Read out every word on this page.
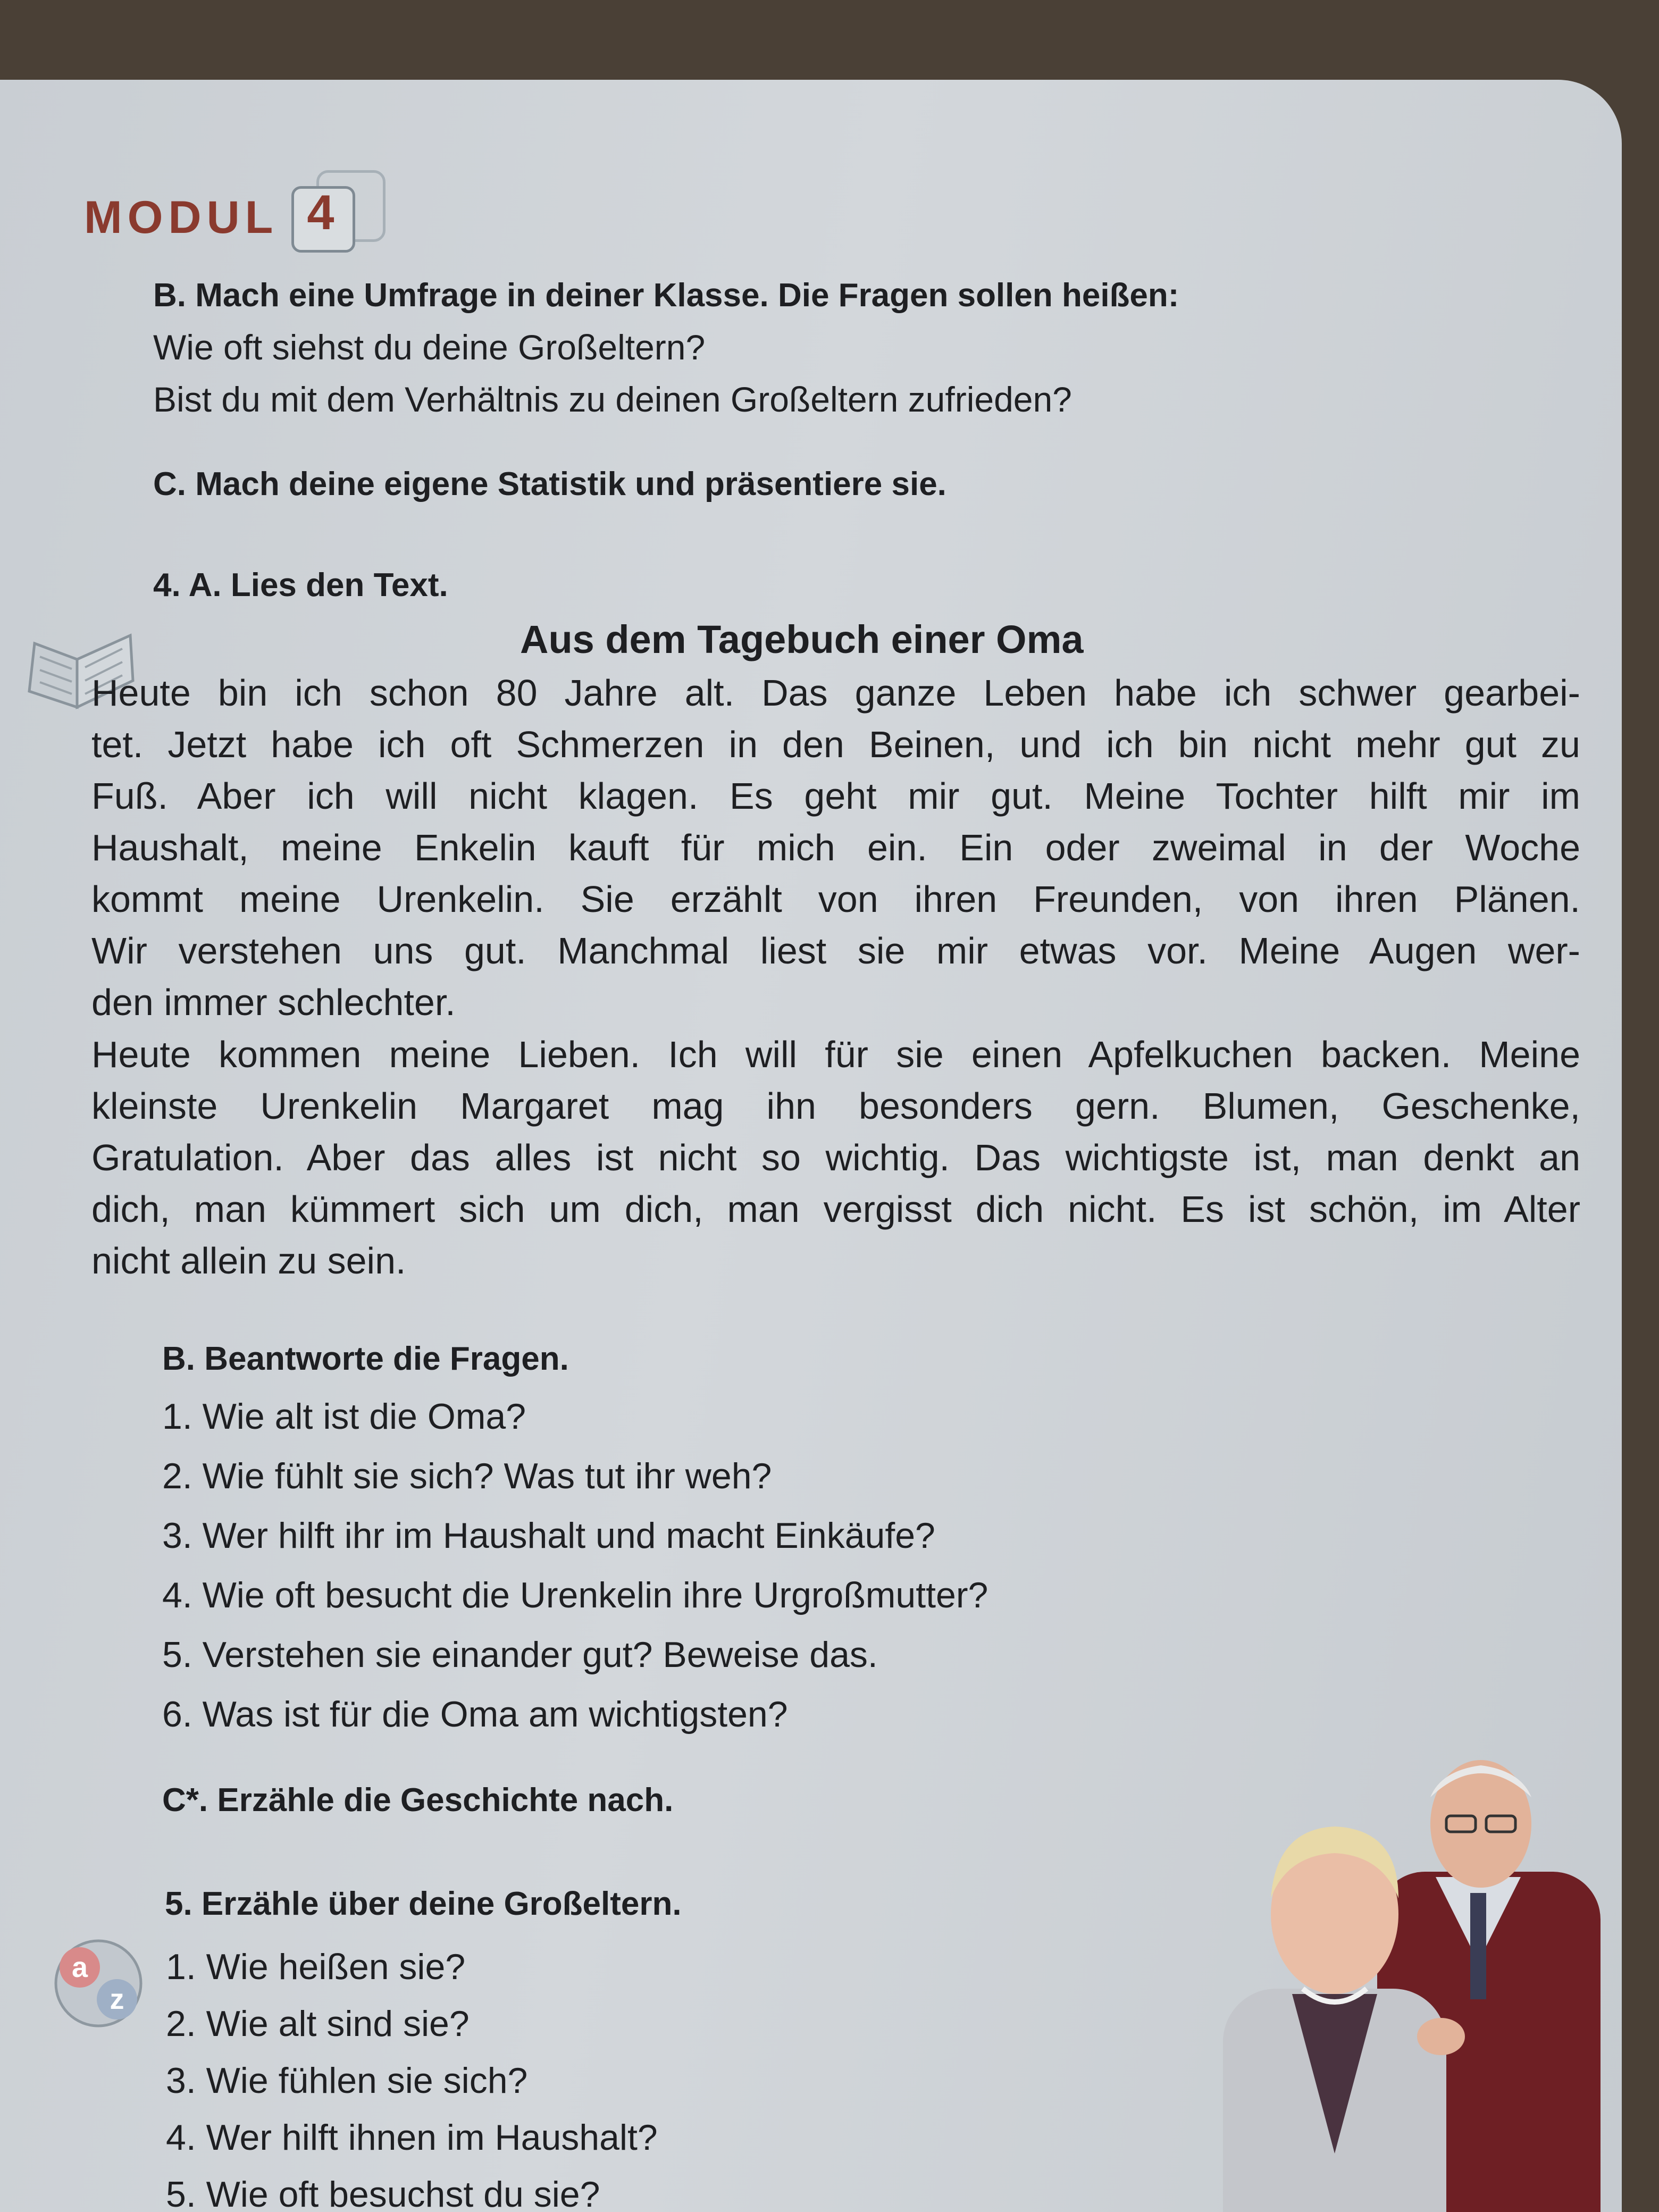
4
MODUL
B. Mach eine Umfrage in deiner Klasse. Die Fragen sollen heißen:
Wie oft siehst du deine Großeltern?
Bist du mit dem Verhältnis zu deinen Großeltern zufrieden?
C. Mach deine eigene Statistik und präsentiere sie.
4. A. Lies den Text.
Aus dem Tagebuch einer Oma
Heute bin ich schon 80 Jahre alt. Das ganze Leben habe ich schwer gearbei-
tet. Jetzt habe ich oft Schmerzen in den Beinen, und ich bin nicht mehr gut zu
Fuß. Aber ich will nicht klagen. Es geht mir gut. Meine Tochter hilft mir im
Haushalt, meine Enkelin kauft für mich ein. Ein oder zweimal in der Woche
kommt meine Urenkelin. Sie erzählt von ihren Freunden, von ihren Plänen.
Wir verstehen uns gut. Manchmal liest sie mir etwas vor. Meine Augen wer-
den immer schlechter.
Heute kommen meine Lieben. Ich will für sie einen Apfelkuchen backen. Meine
kleinste Urenkelin Margaret mag ihn besonders gern. Blumen, Geschenke,
Gratulation. Aber das alles ist nicht so wichtig. Das wichtigste ist, man denkt an
dich, man kümmert sich um dich, man vergisst dich nicht. Es ist schön, im Alter
nicht allein zu sein.
B. Beantworte die Fragen.
1. Wie alt ist die Oma?
2. Wie fühlt sie sich? Was tut ihr weh?
3. Wer hilft ihr im Haushalt und macht Einkäufe?
4. Wie oft besucht die Urenkelin ihre Urgroßmutter?
5. Verstehen sie einander gut? Beweise das.
6. Was ist für die Oma am wichtigsten?
C*. Erzähle die Geschichte nach.
a
z
5. Erzähle über deine Großeltern.
1. Wie heißen sie?
2. Wie alt sind sie?
3. Wie fühlen sie sich?
4. Wer hilft ihnen im Haushalt?
5. Wie oft besuchst du sie?
